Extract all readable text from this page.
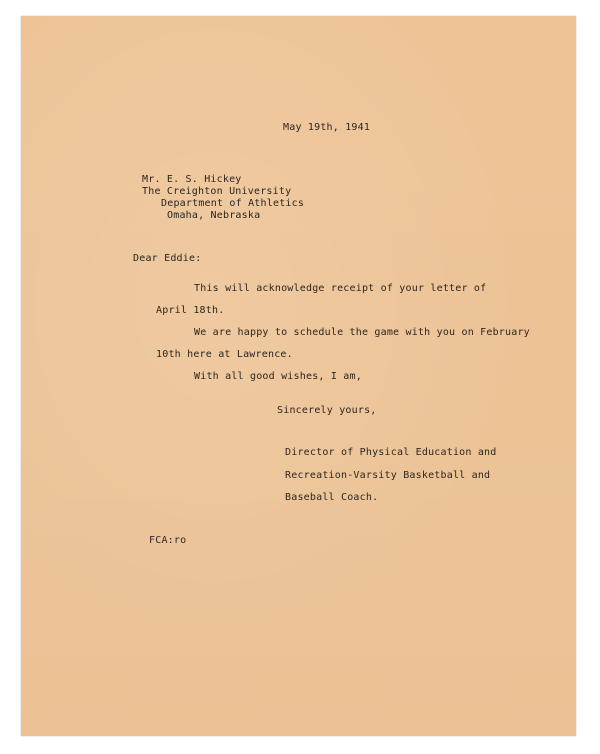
May 19th, 1941
Mr. E. S. Hickey
The Creighton University
Department of Athletics
Omaha, Nebraska
Dear Eddie:
This will acknowledge receipt of your letter of
April 18th.
We are happy to schedule the game with you on February
10th here at Lawrence.
With all good wishes, I am,
Sincerely yours,
Director of Physical Education and
Recreation-Varsity Basketball and
Baseball Coach.
FCA:ro
